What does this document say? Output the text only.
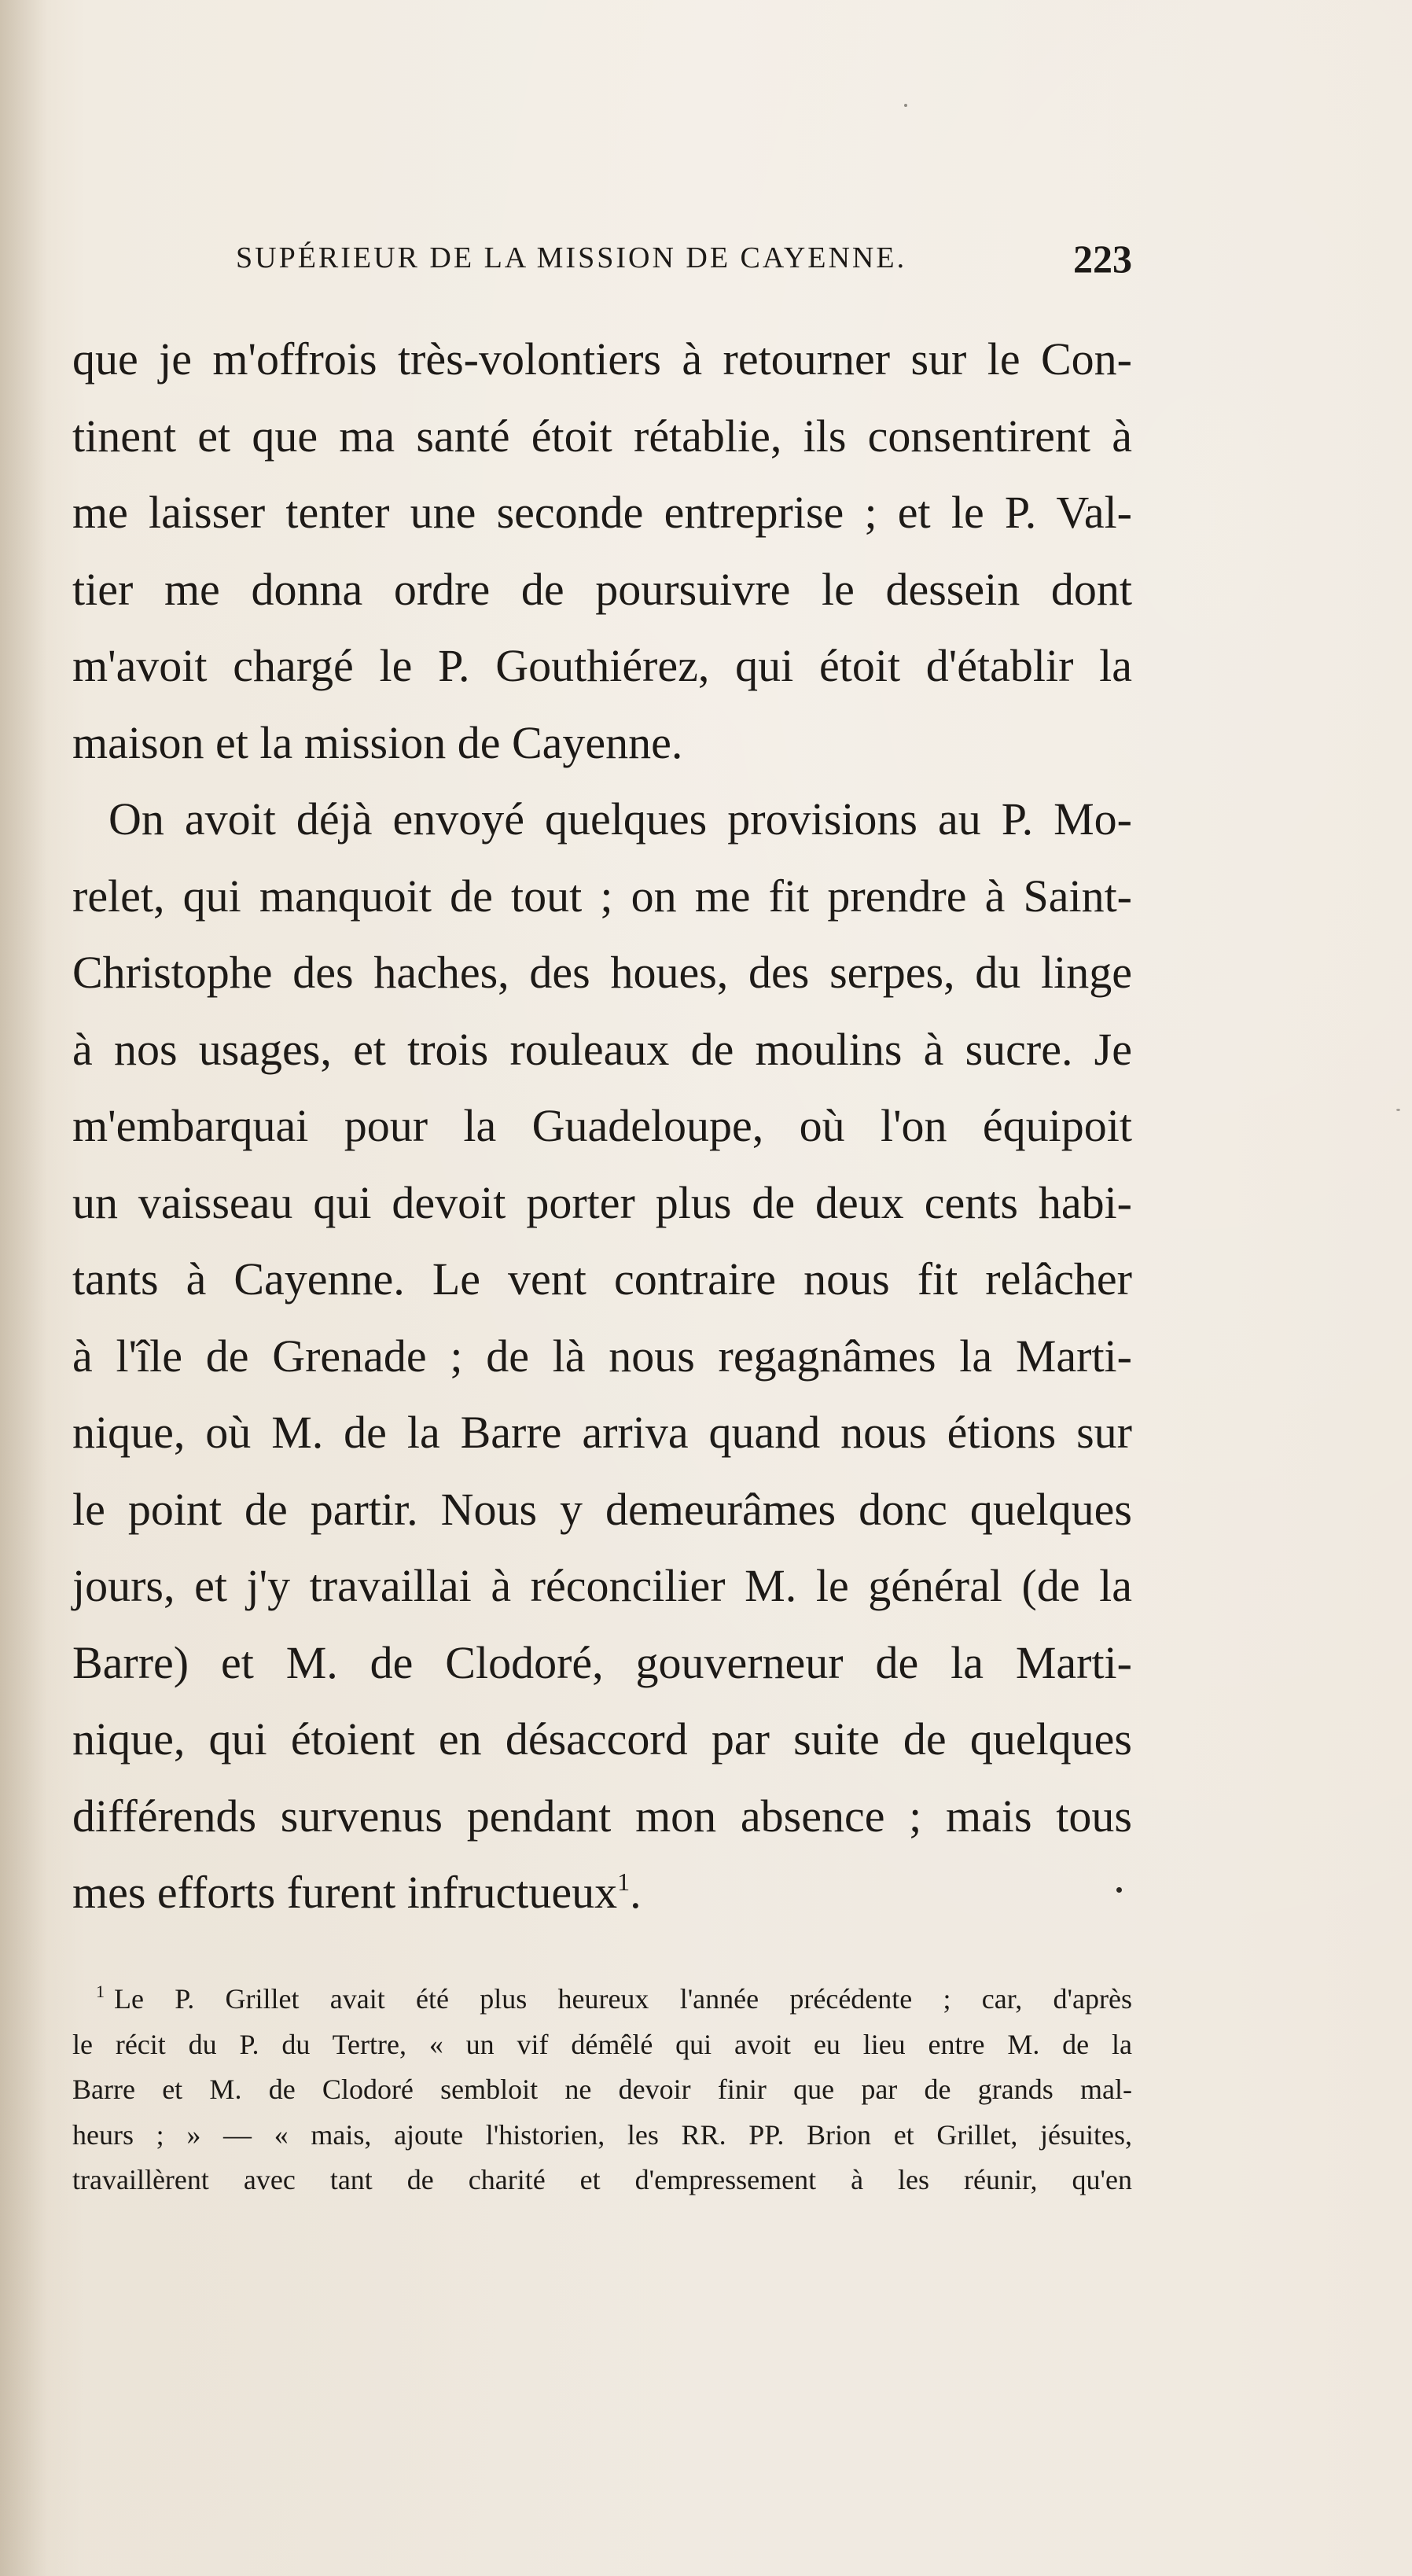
SUPÉRIEUR DE LA MISSION DE CAYENNE.	223
que je m'offrois très-volontiers à retourner sur le Con-
tinent et que ma santé étoit rétablie, ils consentirent à
me laisser tenter une seconde entreprise ; et le P. Val-
tier me donna ordre de poursuivre le dessein dont
m'avoit chargé le P. Gouthiérez, qui étoit d'établir la
maison et la mission de Cayenne.
On avoit déjà envoyé quelques provisions au P. Mo-
relet, qui manquoit de tout ; on me fit prendre à Saint-
Christophe des haches, des houes, des serpes, du linge
à nos usages, et trois rouleaux de moulins à sucre. Je
m'embarquai pour la Guadeloupe, où l'on équipoit
un vaisseau qui devoit porter plus de deux cents habi-
tants à Cayenne. Le vent contraire nous fit relâcher
à l'île de Grenade ; de là nous regagnâmes la Marti-
nique, où M. de la Barre arriva quand nous étions sur
le point de partir. Nous y demeurâmes donc quelques
jours, et j'y travaillai à réconcilier M. le général (de la
Barre) et M. de Clodoré, gouverneur de la Marti-
nique, qui étoient en désaccord par suite de quelques
différends survenus pendant mon absence ; mais tous
mes efforts furent infructueux$^1$.
$^1$ Le P. Grillet avait été plus heureux l'année précédente ; car, d'après
le récit du P. du Tertre, « un vif démêlé qui avoit eu lieu entre M. de la
Barre et M. de Clodoré sembloit ne devoir finir que par de grands mal-
heurs ; » — « mais, ajoute l'historien, les RR. PP. Brion et Grillet, jésuites,
travaillèrent avec tant de charité et d'empressement à les réunir, qu'en
